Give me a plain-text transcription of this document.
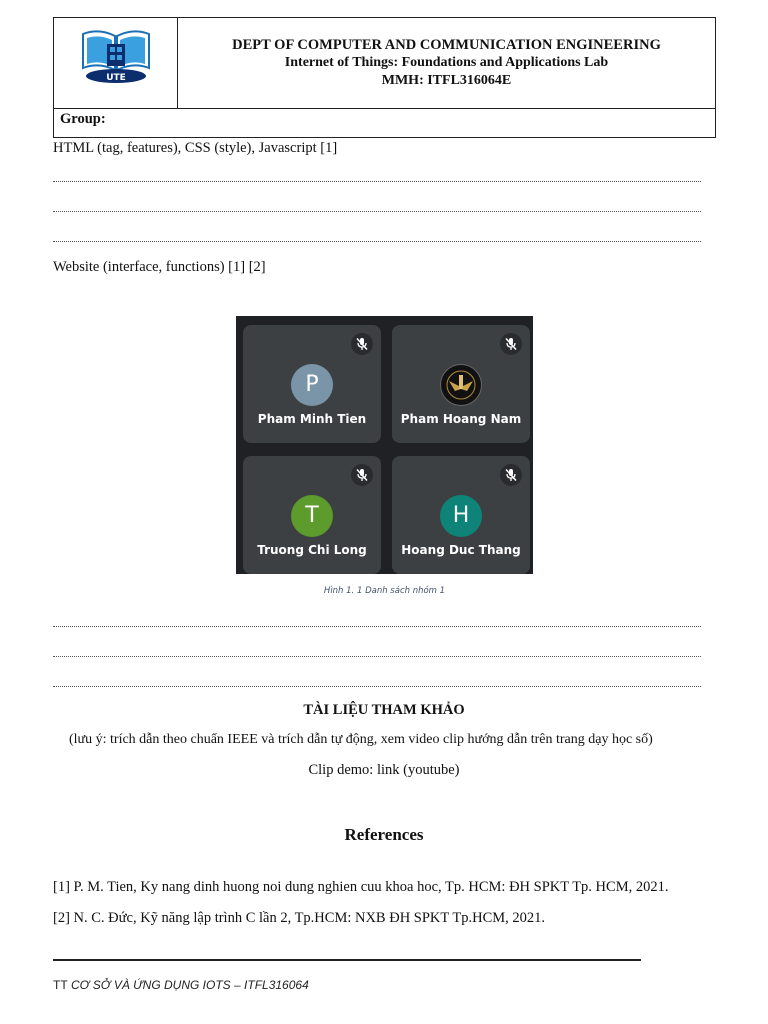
UTE
DEPT OF COMPUTER AND COMMUNICATION ENGINEERING
Internet of Things: Foundations and Applications Lab
MMH: ITFL316064E
Group:
HTML (tag, features), CSS (style), Javascript [1]
Website (interface, functions) [1] [2]
P
Pham Minh Tien	Pham Hoang Nam
T
Truong Chi Long
H
Hoang Duc Thang
Hình 1. 1 Danh sách nhóm 1
TÀI LIỆU THAM KHẢO
(lưu ý: trích dẫn theo chuẩn IEEE và trích dẫn tự động, xem video clip hướng dẫn trên trang dạy học số)
Clip demo: link (youtube)
References
[1] P. M. Tien, Ky nang dinh huong noi dung nghien cuu khoa hoc, Tp. HCM: ĐH SPKT Tp. HCM, 2021.
[2] N. C. Đức, Kỹ năng lập trình C lần 2, Tp.HCM: NXB ĐH SPKT Tp.HCM, 2021.
TT CƠ SỞ VÀ ỨNG DỤNG IOTS – ITFL316064
